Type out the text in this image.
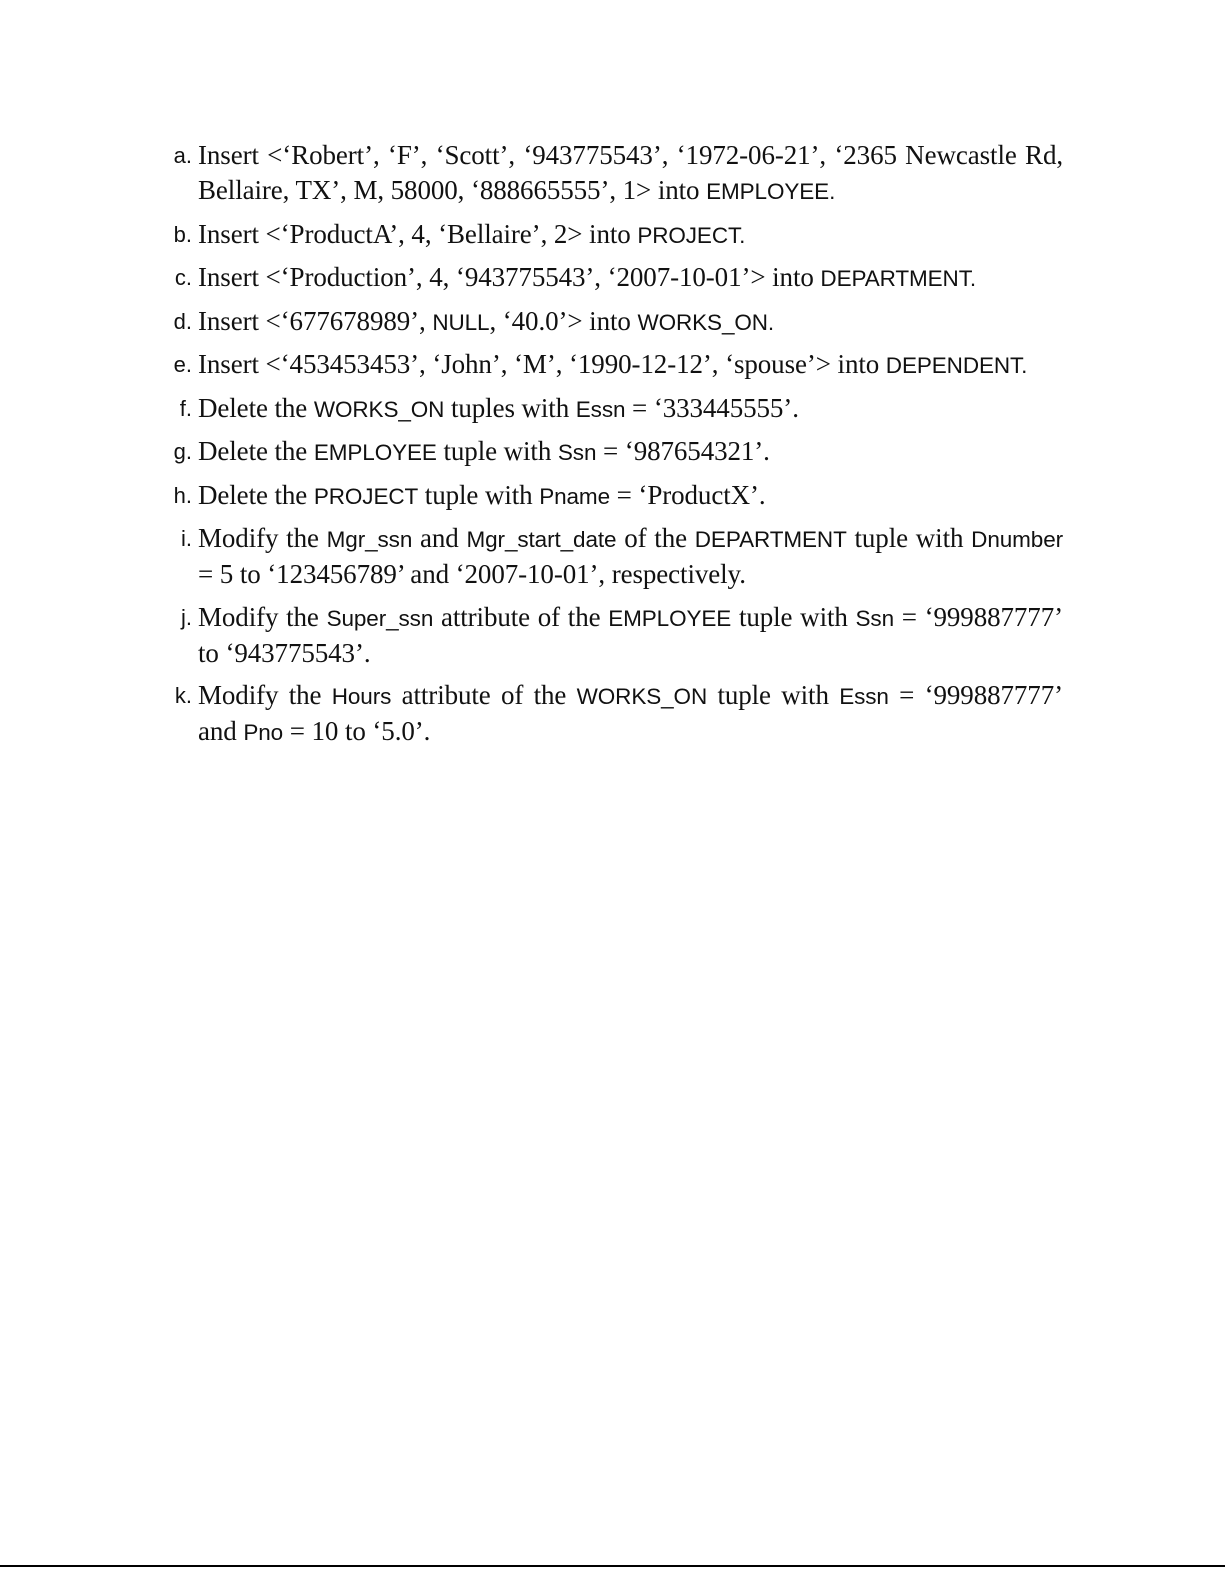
a. Insert <‘Robert’, ‘F’, ‘Scott’, ‘943775543’, ‘1972-06-21’, ‘2365 Newcastle Rd, Bellaire, TX’, M, 58000, ‘888665555’, 1> into EMPLOYEE.
b. Insert <‘ProductA’, 4, ‘Bellaire’, 2> into PROJECT.
c. Insert <‘Production’, 4, ‘943775543’, ‘2007-10-01’> into DEPARTMENT.
d. Insert <‘677678989’, NULL, ‘40.0’> into WORKS_ON.
e. Insert <‘453453453’, ‘John’, ‘M’, ‘1990-12-12’, ‘spouse’> into DEPENDENT.
f. Delete the WORKS_ON tuples with Essn = ‘333445555’.
g. Delete the EMPLOYEE tuple with Ssn = ‘987654321’.
h. Delete the PROJECT tuple with Pname = ‘ProductX’.
i. Modify the Mgr_ssn and Mgr_start_date of the DEPARTMENT tuple with Dnumber = 5 to ‘123456789’ and ‘2007-10-01’, respectively.
j. Modify the Super_ssn attribute of the EMPLOYEE tuple with Ssn = ‘999887777’ to ‘943775543’.
k. Modify the Hours attribute of the WORKS_ON tuple with Essn = ‘999887777’ and Pno = 10 to ‘5.0’.
